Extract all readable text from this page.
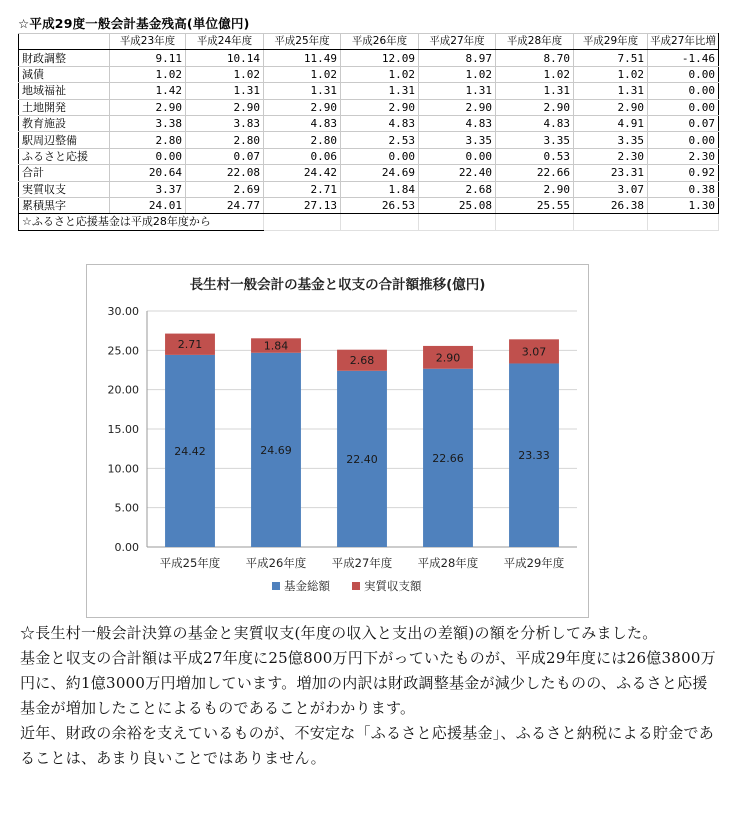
☆平成29度一般会計基金残高(単位億円)
	平成23年度	平成24年度	平成25年度	平成26年度	平成27年度	平成28年度	平成29年度	平成27年比増
財政調整	9.11	10.14	11.49	12.09	8.97	8.70	7.51	-1.46
減債	1.02	1.02	1.02	1.02	1.02	1.02	1.02	0.00
地域福祉	1.42	1.31	1.31	1.31	1.31	1.31	1.31	0.00
土地開発	2.90	2.90	2.90	2.90	2.90	2.90	2.90	0.00
教育施設	3.38	3.83	4.83	4.83	4.83	4.83	4.91	0.07
駅周辺整備	2.80	2.80	2.80	2.53	3.35	3.35	3.35	0.00
ふるさと応援	0.00	0.07	0.06	0.00	0.00	0.53	2.30	2.30
合計	20.64	22.08	24.42	24.69	22.40	22.66	23.31	0.92
実質収支	3.37	2.69	2.71	1.84	2.68	2.90	3.07	0.38
累積黒字	24.01	24.77	27.13	26.53	25.08	25.55	26.38	1.30
☆ふるさと応援基金は平成28年度から								
長生村一般会計の基金と収支の合計額推移(億円)
0.00
5.00
10.00
15.00
20.00
25.00
30.00
24.42
2.71
平成25年度
24.69
1.84
平成26年度
22.40
2.68
平成27年度
22.66
2.90
平成28年度
23.33
3.07
平成29年度
基金総額	実質収支額

☆長生村一般会計決算の基金と実質収支(年度の収入と支出の差額)の額を分析してみました。

基金と収支の合計額は平成27年度に25億800万円下がっていたものが、平成29年度には26億3800万円に、約1億3000万円増加しています。増加の内訳は財政調整基金が減少したものの、ふるさと応援基金が増加したことによるものであることがわかります。

近年、財政の余裕を支えているものが、不安定な「ふるさと応援基金」、ふるさと納税による貯金であることは、あまり良いことではありません。
